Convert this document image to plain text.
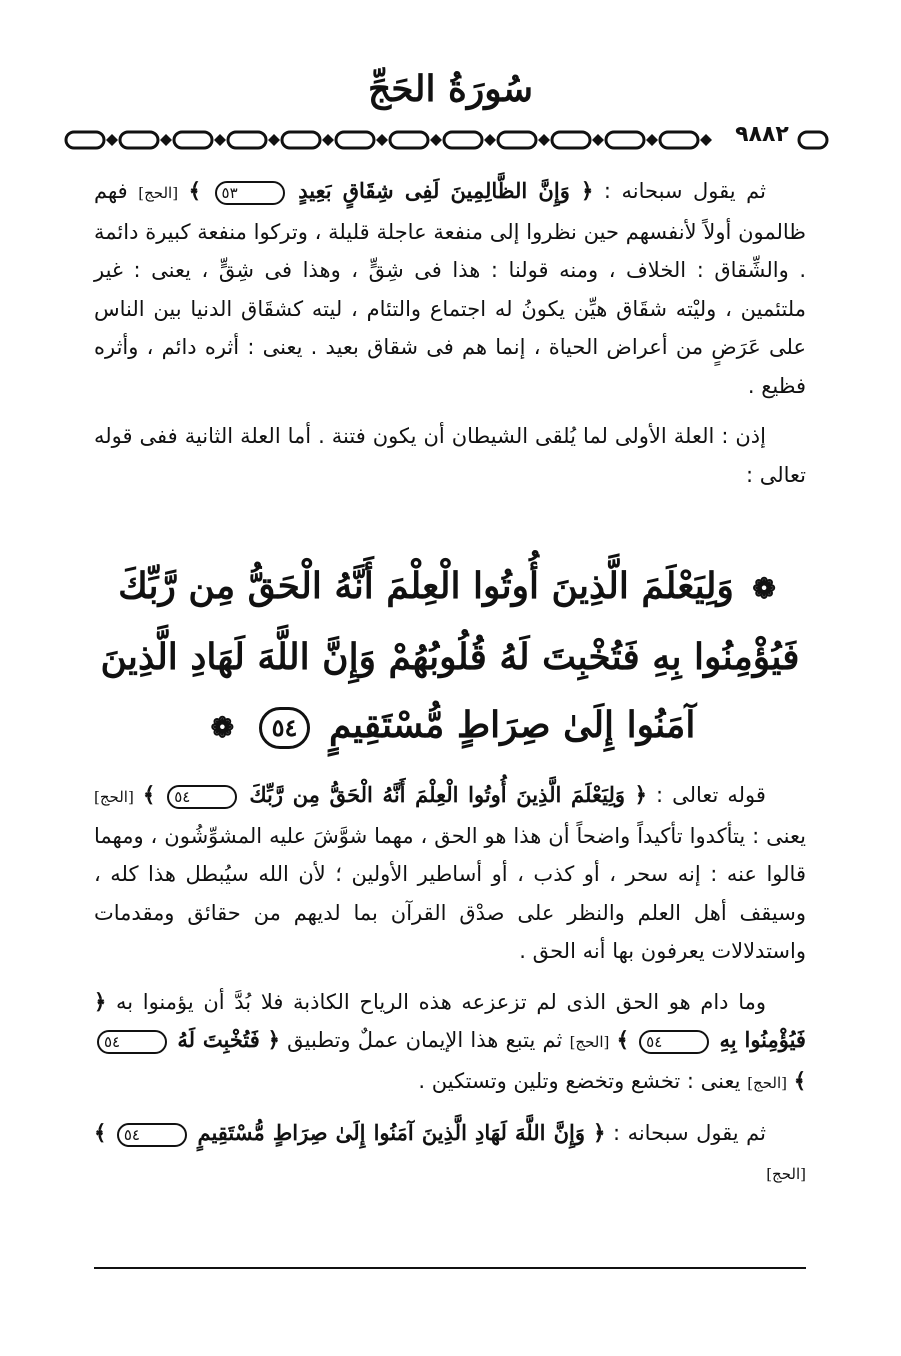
سُورَةُ الحَجِّ
٩٨٨٢

ثم يقول سبحانه : ﴿ وَإِنَّ الظَّالِمِينَ لَفِى شِقَاقٍ بَعِيدٍ ٥٣ ﴾ [الحج] فهم ظالمون أولاً لأنفسهم حين نظروا إلى منفعة عاجلة قليلة ، وتركوا منفعة كبيرة دائمة . والشِّقاق : الخلاف ، ومنه قولنا : هذا فى شِقٍّ ، وهذا فى شِقٍّ ، يعنى : غير ملتئمين ، وليْته شقَاق هيِّن يكونُ له اجتماع والتئام ، ليته كشقَاق الدنيا بين الناس على عَرَضٍ من أعراض الحياة ، إنما هم فى شقاق بعيد . يعنى : أثره دائم ، وأثره فظيع .

إذن : العلة الأولى لما يُلقى الشيطان أن يكون فتنة . أما العلة الثانية ففى قوله تعالى :

❁ وَلِيَعْلَمَ الَّذِينَ أُوتُوا الْعِلْمَ أَنَّهُ الْحَقُّ مِن رَّبِّكَ
فَيُؤْمِنُوا بِهِ فَتُخْبِتَ لَهُ قُلُوبُهُمْ وَإِنَّ اللَّهَ لَهَادِ الَّذِينَ
آمَنُوا إِلَىٰ صِرَاطٍ مُّسْتَقِيمٍ ٥٤ ❁

قوله تعالى : ﴿ وَلِيَعْلَمَ الَّذِينَ أُوتُوا الْعِلْمَ أَنَّهُ الْحَقُّ مِن رَّبِّكَ ٥٤ ﴾ [الحج] يعنى : يتأكدوا تأكيداً واضحاً أن هذا هو الحق ، مهما شوَّشَ عليه المشوِّشُون ، ومهما قالوا عنه : إنه سحر ، أو كذب ، أو أساطير الأولين ؛ لأن الله سيُبطل هذا كله ، وسيقف أهل العلم والنظر على صدْق القرآن بما لديهم من حقائق ومقدمات واستدلالات يعرفون بها أنه الحق .

وما دام هو الحق الذى لم تزعزعه هذه الرياح الكاذبة فلا بُدَّ أن يؤمنوا به ﴿ فَيُؤْمِنُوا بِهِ ٥٤ ﴾ [الحج] ثم يتبع هذا الإيمان عملٌ وتطبيق ﴿ فَتُخْبِتَ لَهُ ٥٤ ﴾ [الحج] يعنى : تخشع وتخضع وتلين وتستكين .

ثم يقول سبحانه : ﴿ وَإِنَّ اللَّهَ لَهَادِ الَّذِينَ آمَنُوا إِلَىٰ صِرَاطٍ مُّسْتَقِيمٍ ٥٤ ﴾ [الحج]
